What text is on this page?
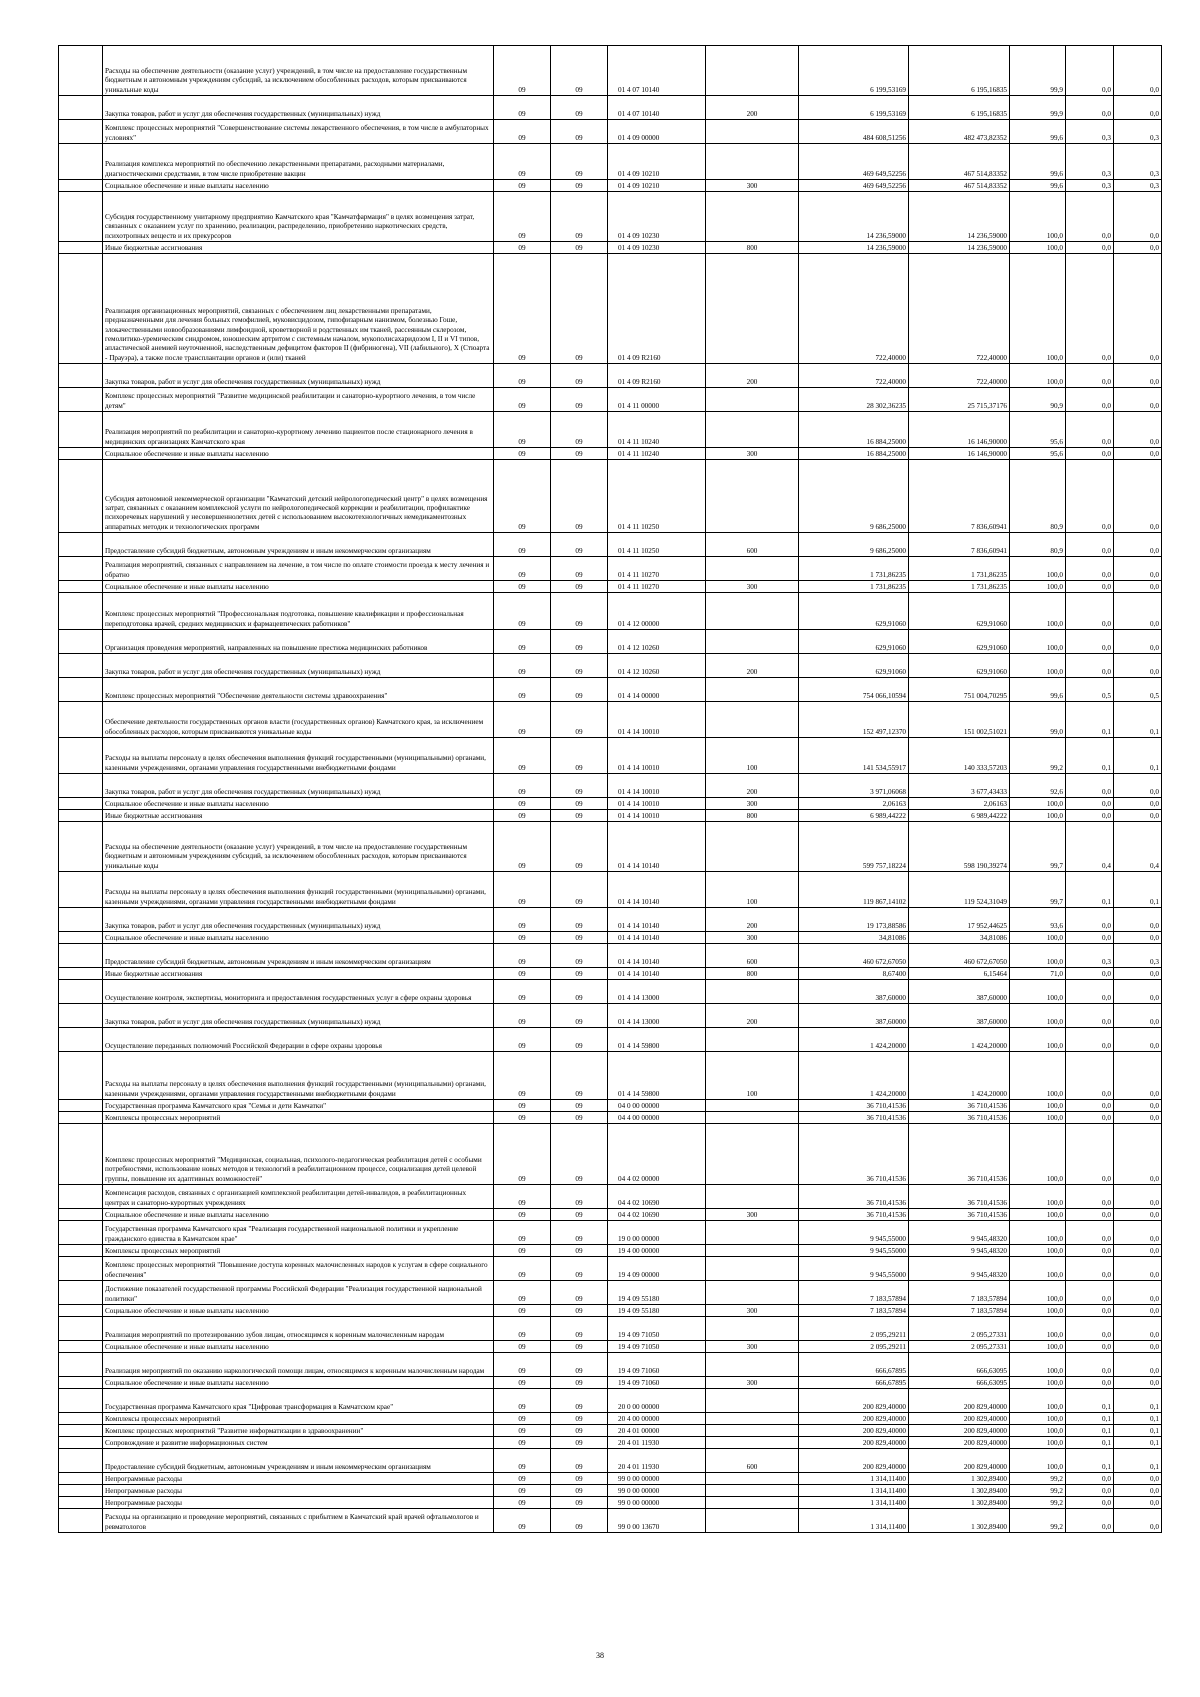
	Расходы на обеспечение деятельности (оказание услуг) учреждений, в том числе на предоставление государственным бюджетным и автономным учреждениям субсидий, за исключением обособленных расходов, которым присваиваются уникальные коды	09	09	01 4 07 10140		6 199,53169	6 195,16835	99,9	0,0	0,0
	Закупка товаров, работ и услуг для обеспечения государственных (муниципальных) нужд	09	09	01 4 07 10140	200	6 199,53169	6 195,16835	99,9	0,0	0,0
	Комплекс процессных мероприятий "Совершенствование системы лекарственного обеспечения, в том числе в амбулаторных условиях"	09	09	01 4 09 00000		484 608,51256	482 473,82352	99,6	0,3	0,3
	Реализация комплекса мероприятий по обеспечению лекарственными препаратами, расходными материалами, диагностическими средствами, в том числе приобретение вакцин	09	09	01 4 09 10210		469 649,52256	467 514,83352	99,6	0,3	0,3
	Социальное обеспечение и иные выплаты населению	09	09	01 4 09 10210	300	469 649,52256	467 514,83352	99,6	0,3	0,3
	Субсидия государственному унитарному предприятию Камчатского края "Камчатфармация" в целях возмещения затрат, связанных с оказанием услуг по хранению, реализации, распределению, приобретению наркотических средств, психотропных веществ и их прекурсоров	09	09	01 4 09 10230		14 236,59000	14 236,59000	100,0	0,0	0,0
	Иные бюджетные ассигнования	09	09	01 4 09 10230	800	14 236,59000	14 236,59000	100,0	0,0	0,0
	Реализация организационных мероприятий, связанных с обеспечением лиц лекарственными препаратами, предназначенными для лечения больных гемофилией, муковисцидозом, гипофизарным нанизмом, болезнью Гоше, злокачественными новообразованиями лимфоидной, кроветворной и родственных им тканей, рассеянным склерозом, гемолитико-уремическим синдромом, юношеским артритом с системным началом, мукополисахаридозом I, II и VI типов, апластической анемией неуточненной, наследственным дефицитом факторов II (фибриногена), VII (лабильного), X (Стюарта - Прауэра), а также после трансплантации органов и (или) тканей	09	09	01 4 09 R2160		722,40000	722,40000	100,0	0,0	0,0
	Закупка товаров, работ и услуг для обеспечения государственных (муниципальных) нужд	09	09	01 4 09 R2160	200	722,40000	722,40000	100,0	0,0	0,0
	Комплекс процессных мероприятий "Развитие медицинской реабилитации и санаторно-курортного лечения, в том числе детям"	09	09	01 4 11 00000		28 302,36235	25 715,37176	90,9	0,0	0,0
	Реализация мероприятий по реабилитации и санаторно-курортному лечению пациентов после стационарного лечения в медицинских организациях Камчатского края	09	09	01 4 11 10240		16 884,25000	16 146,90000	95,6	0,0	0,0
	Социальное обеспечение и иные выплаты населению	09	09	01 4 11 10240	300	16 884,25000	16 146,90000	95,6	0,0	0,0
	Субсидия автономной некоммерческой организации "Камчатский детский нейрологопедический центр" в целях возмещения затрат, связанных с оказанием комплексной услуги по нейрологопедической коррекции и реабилитации, профилактике психоречевых нарушений у несовершеннолетних детей с использованием высокотехнологичных немедикаментозных аппаратных методик и технологических программ	09	09	01 4 11 10250		9 686,25000	7 836,60941	80,9	0,0	0,0
	Предоставление субсидий бюджетным, автономным учреждениям и иным некоммерческим организациям	09	09	01 4 11 10250	600	9 686,25000	7 836,60941	80,9	0,0	0,0
	Реализация мероприятий, связанных с направлением на лечение, в том числе по оплате стоимости проезда к месту лечения и обратно	09	09	01 4 11 10270		1 731,86235	1 731,86235	100,0	0,0	0,0
	Социальное обеспечение и иные выплаты населению	09	09	01 4 11 10270	300	1 731,86235	1 731,86235	100,0	0,0	0,0
	Комплекс процессных мероприятий "Профессиональная подготовка, повышение квалификации и профессиональная переподготовка врачей, средних медицинских и фармацевтических работников"	09	09	01 4 12 00000		629,91060	629,91060	100,0	0,0	0,0
	Организация проведения мероприятий, направленных на повышение престижа медицинских работников	09	09	01 4 12 10260		629,91060	629,91060	100,0	0,0	0,0
	Закупка товаров, работ и услуг для обеспечения государственных (муниципальных) нужд	09	09	01 4 12 10260	200	629,91060	629,91060	100,0	0,0	0,0
	Комплекс процессных мероприятий "Обеспечение деятельности системы здравоохранения"	09	09	01 4 14 00000		754 066,10594	751 004,70295	99,6	0,5	0,5
	Обеспечение деятельности государственных органов власти (государственных органов) Камчатского края, за исключением обособленных расходов, которым присваиваются уникальные коды	09	09	01 4 14 10010		152 497,12370	151 002,51021	99,0	0,1	0,1
	Расходы на выплаты персоналу в целях обеспечения выполнения функций государственными (муниципальными) органами, казенными учреждениями, органами управления государственными внебюджетными фондами	09	09	01 4 14 10010	100	141 534,55917	140 333,57203	99,2	0,1	0,1
	Закупка товаров, работ и услуг для обеспечения государственных (муниципальных) нужд	09	09	01 4 14 10010	200	3 971,06068	3 677,43433	92,6	0,0	0,0
	Социальное обеспечение и иные выплаты населению	09	09	01 4 14 10010	300	2,06163	2,06163	100,0	0,0	0,0
	Иные бюджетные ассигнования	09	09	01 4 14 10010	800	6 989,44222	6 989,44222	100,0	0,0	0,0
	Расходы на обеспечение деятельности (оказание услуг) учреждений, в том числе на предоставление государственным бюджетным и автономным учреждениям субсидий, за исключением обособленных расходов, которым присваиваются уникальные коды	09	09	01 4 14 10140		599 757,18224	598 190,39274	99,7	0,4	0,4
	Расходы на выплаты персоналу в целях обеспечения выполнения функций государственными (муниципальными) органами, казенными учреждениями, органами управления государственными внебюджетными фондами	09	09	01 4 14 10140	100	119 867,14102	119 524,31049	99,7	0,1	0,1
	Закупка товаров, работ и услуг для обеспечения государственных (муниципальных) нужд	09	09	01 4 14 10140	200	19 173,88586	17 952,44625	93,6	0,0	0,0
	Социальное обеспечение и иные выплаты населению	09	09	01 4 14 10140	300	34,81086	34,81086	100,0	0,0	0,0
	Предоставление субсидий бюджетным, автономным учреждениям и иным некоммерческим организациям	09	09	01 4 14 10140	600	460 672,67050	460 672,67050	100,0	0,3	0,3
	Иные бюджетные ассигнования	09	09	01 4 14 10140	800	8,67400	6,15464	71,0	0,0	0,0
	Осуществление контроля, экспертизы, мониторинга и предоставления государственных услуг в сфере охраны здоровья	09	09	01 4 14 13000		387,60000	387,60000	100,0	0,0	0,0
	Закупка товаров, работ и услуг для обеспечения государственных (муниципальных) нужд	09	09	01 4 14 13000	200	387,60000	387,60000	100,0	0,0	0,0
	Осуществление переданных полномочий Российской Федерации в сфере охраны здоровья	09	09	01 4 14 59800		1 424,20000	1 424,20000	100,0	0,0	0,0
	Расходы на выплаты персоналу в целях обеспечения выполнения функций государственными (муниципальными) органами, казенными учреждениями, органами управления государственными внебюджетными фондами	09	09	01 4 14 59800	100	1 424,20000	1 424,20000	100,0	0,0	0,0
	Государственная программа Камчатского края "Семья и дети Камчатки"	09	09	04 0 00 00000		36 710,41536	36 710,41536	100,0	0,0	0,0
	Комплексы процессных мероприятий	09	09	04 4 00 00000		36 710,41536	36 710,41536	100,0	0,0	0,0
	Комплекс процессных мероприятий "Медицинская, социальная, психолого-педагогическая реабилитация детей с особыми потребностями, использование новых методов и технологий в реабилитационном процессе, социализация детей целевой группы, повышение их адаптивных возможностей"	09	09	04 4 02 00000		36 710,41536	36 710,41536	100,0	0,0	0,0
	Компенсация расходов, связанных с организацией комплексной реабилитации детей-инвалидов, в реабилитационных центрах и санаторно-курортных учреждениях	09	09	04 4 02 10690		36 710,41536	36 710,41536	100,0	0,0	0,0
	Социальное обеспечение и иные выплаты населению	09	09	04 4 02 10690	300	36 710,41536	36 710,41536	100,0	0,0	0,0
	Государственная программа Камчатского края "Реализация государственной национальной политики и укрепление гражданского единства в Камчатском крае"	09	09	19 0 00 00000		9 945,55000	9 945,48320	100,0	0,0	0,0
	Комплексы процессных мероприятий	09	09	19 4 00 00000		9 945,55000	9 945,48320	100,0	0,0	0,0
	Комплекс процессных мероприятий "Повышение доступа коренных малочисленных народов к услугам в сфере социального обеспечения"	09	09	19 4 09 00000		9 945,55000	9 945,48320	100,0	0,0	0,0
	Достижение показателей государственной программы Российской Федерации "Реализация государственной национальной политики"	09	09	19 4 09 55180		7 183,57894	7 183,57894	100,0	0,0	0,0
	Социальное обеспечение и иные выплаты населению	09	09	19 4 09 55180	300	7 183,57894	7 183,57894	100,0	0,0	0,0
	Реализация мероприятий по протезированию зубов лицам, относящимся к коренным малочисленным народам	09	09	19 4 09 71050		2 095,29211	2 095,27331	100,0	0,0	0,0
	Социальное обеспечение и иные выплаты населению	09	09	19 4 09 71050	300	2 095,29211	2 095,27331	100,0	0,0	0,0
	Реализация мероприятий по оказанию наркологической помощи лицам, относящимся к коренным малочисленным народам	09	09	19 4 09 71060		666,67895	666,63095	100,0	0,0	0,0
	Социальное обеспечение и иные выплаты населению	09	09	19 4 09 71060	300	666,67895	666,63095	100,0	0,0	0,0
	Государственная программа Камчатского края "Цифровая трансформация в Камчатском крае"	09	09	20 0 00 00000		200 829,40000	200 829,40000	100,0	0,1	0,1
	Комплексы процессных мероприятий	09	09	20 4 00 00000		200 829,40000	200 829,40000	100,0	0,1	0,1
	Комплекс процессных мероприятий "Развитие информатизации в здравоохранении"	09	09	20 4 01 00000		200 829,40000	200 829,40000	100,0	0,1	0,1
	Сопровождение и развитие информационных систем	09	09	20 4 01 11930		200 829,40000	200 829,40000	100,0	0,1	0,1
	Предоставление субсидий бюджетным, автономным учреждениям и иным некоммерческим организациям	09	09	20 4 01 11930	600	200 829,40000	200 829,40000	100,0	0,1	0,1
	Непрограммные расходы	09	09	99 0 00 00000		1 314,11400	1 302,89400	99,2	0,0	0,0
	Непрограммные расходы	09	09	99 0 00 00000		1 314,11400	1 302,89400	99,2	0,0	0,0
	Непрограммные расходы	09	09	99 0 00 00000		1 314,11400	1 302,89400	99,2	0,0	0,0
	Расходы на организацию и проведение мероприятий, связанных с прибытием в Камчатский край врачей офтальмологов и ревматологов	09	09	99 0 00 13670		1 314,11400	1 302,89400	99,2	0,0	0,0
38
